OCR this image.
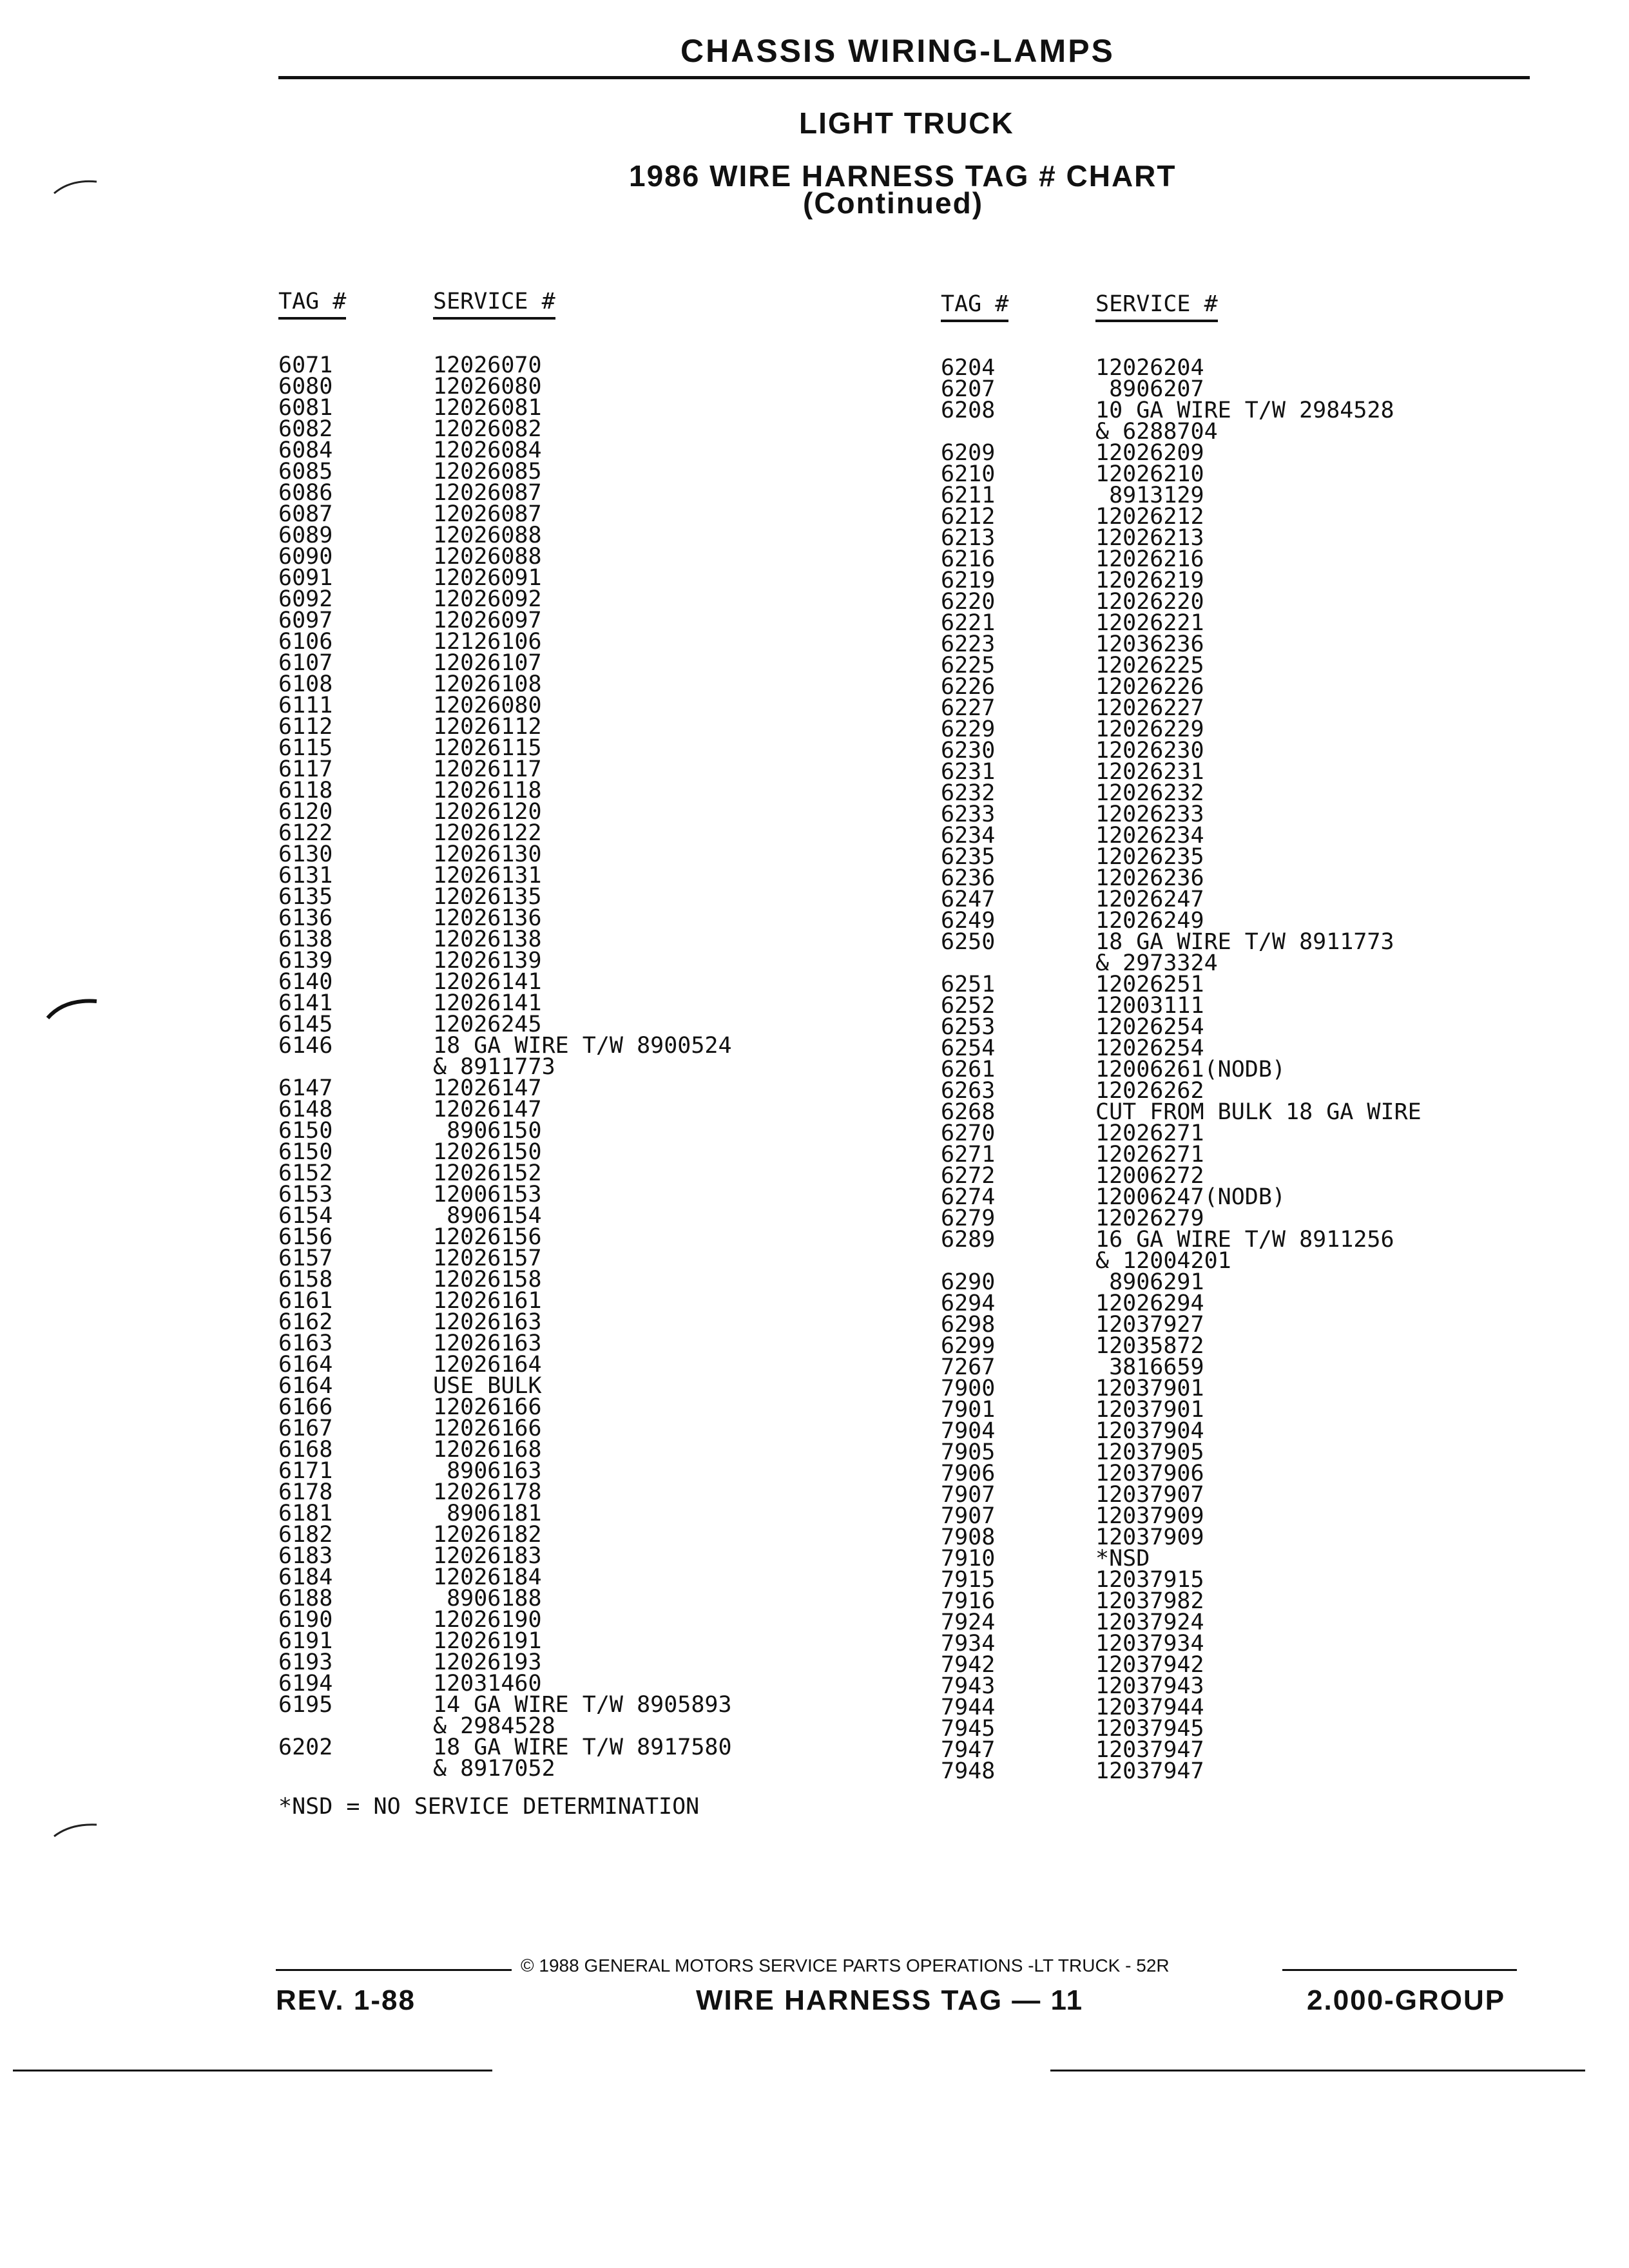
CHASSIS WIRING-LAMPS
LIGHT TRUCK
1986 WIRE HARNESS TAG # CHART
(Continued)
TAG #	SERVICE #	TAG #	SERVICE #
6071	12026070
6080	12026080
6081	12026081
6082	12026082
6084	12026084
6085	12026085
6086	12026087
6087	12026087
6089	12026088
6090	12026088
6091	12026091
6092	12026092
6097	12026097
6106	12126106
6107	12026107
6108	12026108
6111	12026080
6112	12026112
6115	12026115
6117	12026117
6118	12026118
6120	12026120
6122	12026122
6130	12026130
6131	12026131
6135	12026135
6136	12026136
6138	12026138
6139	12026139
6140	12026141
6141	12026141
6145	12026245
6146	18 GA WIRE T/W 8900524
& 8911773
6147	12026147
6148	12026147
6150	8906150
6150	12026150
6152	12026152
6153	12006153
6154	8906154
6156	12026156
6157	12026157
6158	12026158
6161	12026161
6162	12026163
6163	12026163
6164	12026164
6164	USE BULK
6166	12026166
6167	12026166
6168	12026168
6171	8906163
6178	12026178
6181	8906181
6182	12026182
6183	12026183
6184	12026184
6188	8906188
6190	12026190
6191	12026191
6193	12026193
6194	12031460
6195	14 GA WIRE T/W 8905893
& 2984528
6202	18 GA WIRE T/W 8917580
& 8917052
6204	12026204
6207	8906207
6208	10 GA WIRE T/W 2984528
& 6288704
6209	12026209
6210	12026210
6211	8913129
6212	12026212
6213	12026213
6216	12026216
6219	12026219
6220	12026220
6221	12026221
6223	12036236
6225	12026225
6226	12026226
6227	12026227
6229	12026229
6230	12026230
6231	12026231
6232	12026232
6233	12026233
6234	12026234
6235	12026235
6236	12026236
6247	12026247
6249	12026249
6250	18 GA WIRE T/W 8911773
& 2973324
6251	12026251
6252	12003111
6253	12026254
6254	12026254
6261	12006261(NODB)
6263	12026262
6268	CUT FROM BULK 18 GA WIRE
6270	12026271
6271	12026271
6272	12006272
6274	12006247(NODB)
6279	12026279
6289	16 GA WIRE T/W 8911256
& 12004201
6290	8906291
6294	12026294
6298	12037927
6299	12035872
7267	3816659
7900	12037901
7901	12037901
7904	12037904
7905	12037905
7906	12037906
7907	12037907
7907	12037909
7908	12037909
7910	*NSD
7915	12037915
7916	12037982
7924	12037924
7934	12037934
7942	12037942
7943	12037943
7944	12037944
7945	12037945
7947	12037947
7948	12037947
*NSD = NO SERVICE DETERMINATION
© 1988 GENERAL MOTORS SERVICE PARTS OPERATIONS -LT TRUCK - 52R
REV. 1-88	WIRE HARNESS TAG — 11	2.000-GROUP
